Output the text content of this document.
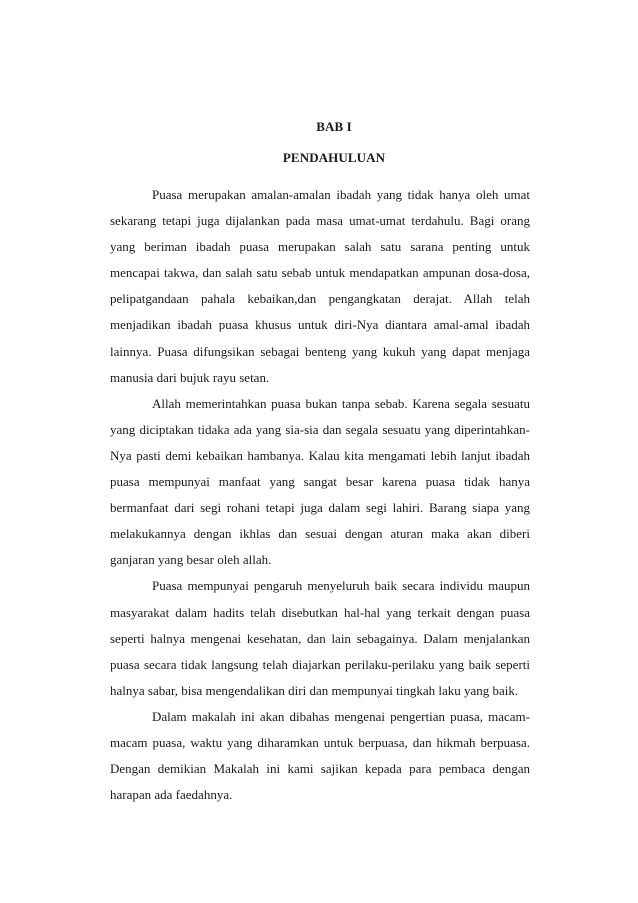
BAB I
PENDAHULUAN

Puasa merupakan amalan-amalan ibadah yang tidak hanya oleh umat sekarang tetapi juga dijalankan pada masa umat-umat terdahulu. Bagi orang yang beriman ibadah puasa merupakan salah satu sarana penting untuk mencapai takwa, dan salah satu sebab untuk mendapatkan ampunan dosa-dosa, pelipatgandaan pahala kebaikan,dan pengangkatan derajat. Allah telah menjadikan ibadah puasa khusus untuk diri-Nya diantara amal-amal ibadah lainnya. Puasa difungsikan sebagai benteng yang kukuh yang dapat menjaga manusia dari bujuk rayu setan.

Allah memerintahkan puasa bukan tanpa sebab. Karena segala sesuatu yang diciptakan tidaka ada yang sia-sia dan segala sesuatu yang diperintahkan-Nya pasti demi kebaikan hambanya. Kalau kita mengamati lebih lanjut ibadah puasa mempunyai manfaat yang sangat besar karena puasa tidak hanya bermanfaat dari segi rohani tetapi juga dalam segi lahiri. Barang siapa yang melakukannya dengan ikhlas dan sesuai dengan aturan maka akan diberi ganjaran yang besar oleh allah.

Puasa mempunyai pengaruh menyeluruh baik secara individu maupun masyarakat dalam hadits telah disebutkan hal-hal yang terkait dengan puasa seperti halnya mengenai kesehatan, dan lain sebagainya. Dalam menjalankan puasa secara tidak langsung telah diajarkan perilaku-perilaku yang baik seperti halnya sabar, bisa mengendalikan diri dan mempunyai tingkah laku yang baik.

Dalam makalah ini akan dibahas mengenai pengertian puasa, macam-macam puasa, waktu yang diharamkan untuk berpuasa, dan hikmah berpuasa. Dengan demikian Makalah ini kami sajikan kepada para pembaca dengan harapan ada faedahnya.
